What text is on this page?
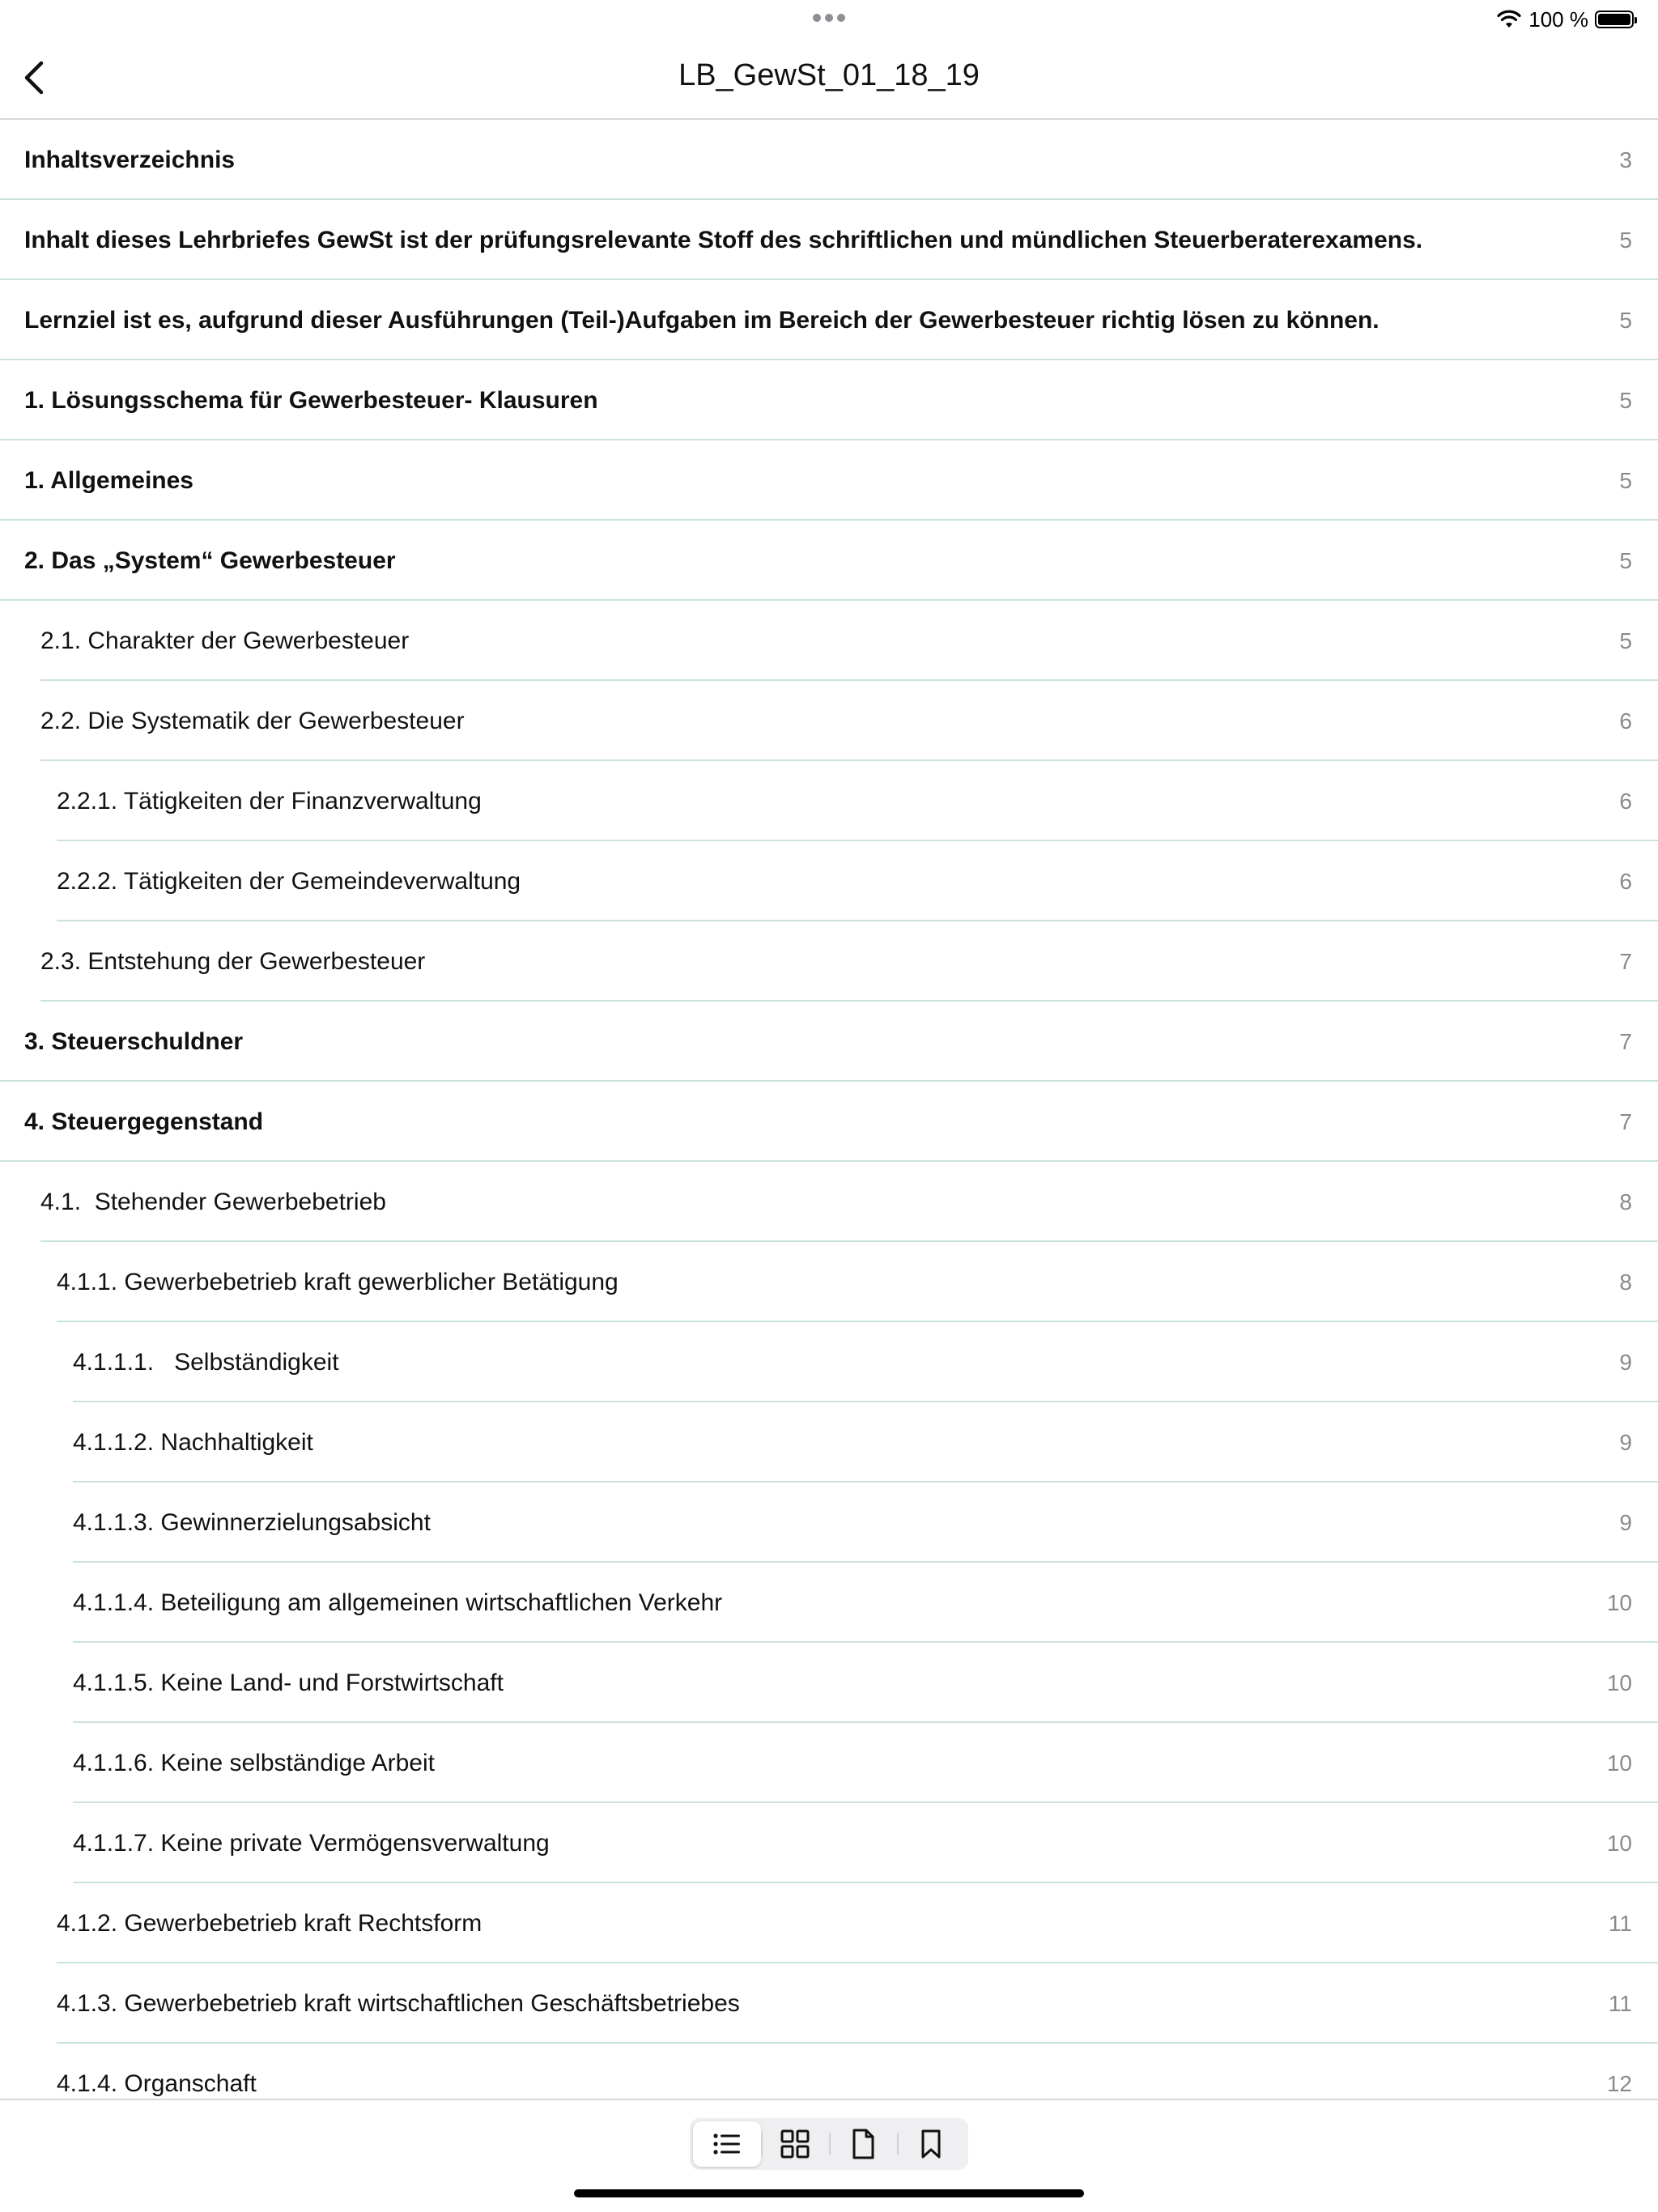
100 %
LB_GewSt_01_18_19
Inhaltsverzeichnis	3
Inhalt dieses Lehrbriefes GewSt ist der prüfungsrelevante Stoff des schriftlichen und mündlichen Steuerberaterexamens.	5
Lernziel ist es, aufgrund dieser Ausführungen (Teil-)Aufgaben im Bereich der Gewerbesteuer richtig lösen zu können.	5
1. Lösungsschema für Gewerbesteuer- Klausuren	5
1. Allgemeines	5
2. Das „System“ Gewerbesteuer	5
2.1. Charakter der Gewerbesteuer	5
2.2. Die Systematik der Gewerbesteuer	6
2.2.1. Tätigkeiten der Finanzverwaltung	6
2.2.2. Tätigkeiten der Gemeindeverwaltung	6
2.3. Entstehung der Gewerbesteuer	7
3. Steuerschuldner	7
4. Steuergegenstand	7
4.1.  Stehender Gewerbebetrieb	8
4.1.1. Gewerbebetrieb kraft gewerblicher Betätigung	8
4.1.1.1.   Selbständigkeit	9
4.1.1.2. Nachhaltigkeit	9
4.1.1.3. Gewinnerzielungsabsicht	9
4.1.1.4. Beteiligung am allgemeinen wirtschaftlichen Verkehr	10
4.1.1.5. Keine Land- und Forstwirtschaft	10
4.1.1.6. Keine selbständige Arbeit	10
4.1.1.7. Keine private Vermögensverwaltung	10
4.1.2. Gewerbebetrieb kraft Rechtsform	11
4.1.3. Gewerbebetrieb kraft wirtschaftlichen Geschäftsbetriebes	11
4.1.4. Organschaft	12
